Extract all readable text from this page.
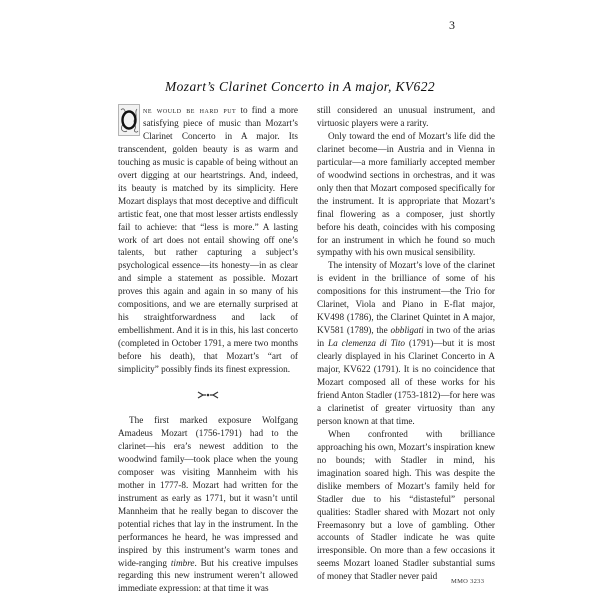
3
Mozart’s Clarinet Concerto in A major, KV622

O
ne would be hard put to find a more satisfying piece of music than Mozart’s Clarinet Concerto in A major. Its transcendent, golden beauty is as warm and touching as music is capable of being without an overt digging at our heartstrings. And, indeed, its beauty is matched by its simplicity. Here Mozart displays that most deceptive and difficult artistic feat, one that most lesser artists endlessly fail to achieve: that “less is more.” A lasting work of art does not entail showing off one’s talents, but rather capturing a subject’s psychological essence—its honesty—in as clear and simple a statement as possible. Mozart proves this again and again in so many of his compositions, and we are eternally surprised at his straightforwardness and lack of embellishment. And it is in this, his last concerto (completed in October 1791, a mere two months before his death), that Mozart’s “art of simplicity” possibly finds its finest expression.

The first marked exposure Wolfgang Amadeus Mozart (1756-1791) had to the clarinet—his era’s newest addition to the woodwind family—took place when the young composer was visiting Mannheim with his mother in 1777-8. Mozart had written for the instrument as early as 1771, but it wasn’t until Mannheim that he really began to discover the potential riches that lay in the instrument. In the performances he heard, he was impressed and inspired by this instrument’s warm tones and wide-ranging timbre. But his creative impulses regarding this new instrument weren’t allowed immediate expression: at that time it was

still considered an unusual instrument, and virtuosic players were a rarity.

Only toward the end of Mozart’s life did the clarinet become—in Austria and in Vienna in particular—a more familiarly accepted member of woodwind sections in orchestras, and it was only then that Mozart composed specifically for the instrument. It is appropriate that Mozart’s final flowering as a composer, just shortly before his death, coincides with his composing for an instrument in which he found so much sympathy with his own musical sensibility.

The intensity of Mozart’s love of the clarinet is evident in the brilliance of some of his compositions for this instrument—the Trio for Clarinet, Viola and Piano in E-flat major, KV498 (1786), the Clarinet Quintet in A major, KV581 (1789), the obbligati in two of the arias in La clemenza di Tito (1791)—but it is most clearly displayed in his Clarinet Concerto in A major, KV622 (1791). It is no coincidence that Mozart composed all of these works for his friend Anton Stadler (1753-1812)—for here was a clarinetist of greater virtuosity than any person known at that time.

When confronted with brilliance approaching his own, Mozart’s inspiration knew no bounds; with Stadler in mind, his imagination soared high. This was despite the dislike members of Mozart’s family held for Stadler due to his “distasteful” personal qualities: Stadler shared with Mozart not only Freemasonry but a love of gambling. Other accounts of Stadler indicate he was quite irresponsible. On more than a few occasions it seems Mozart loaned Stadler substantial sums of money that Stadler never paid

MMO 3233
